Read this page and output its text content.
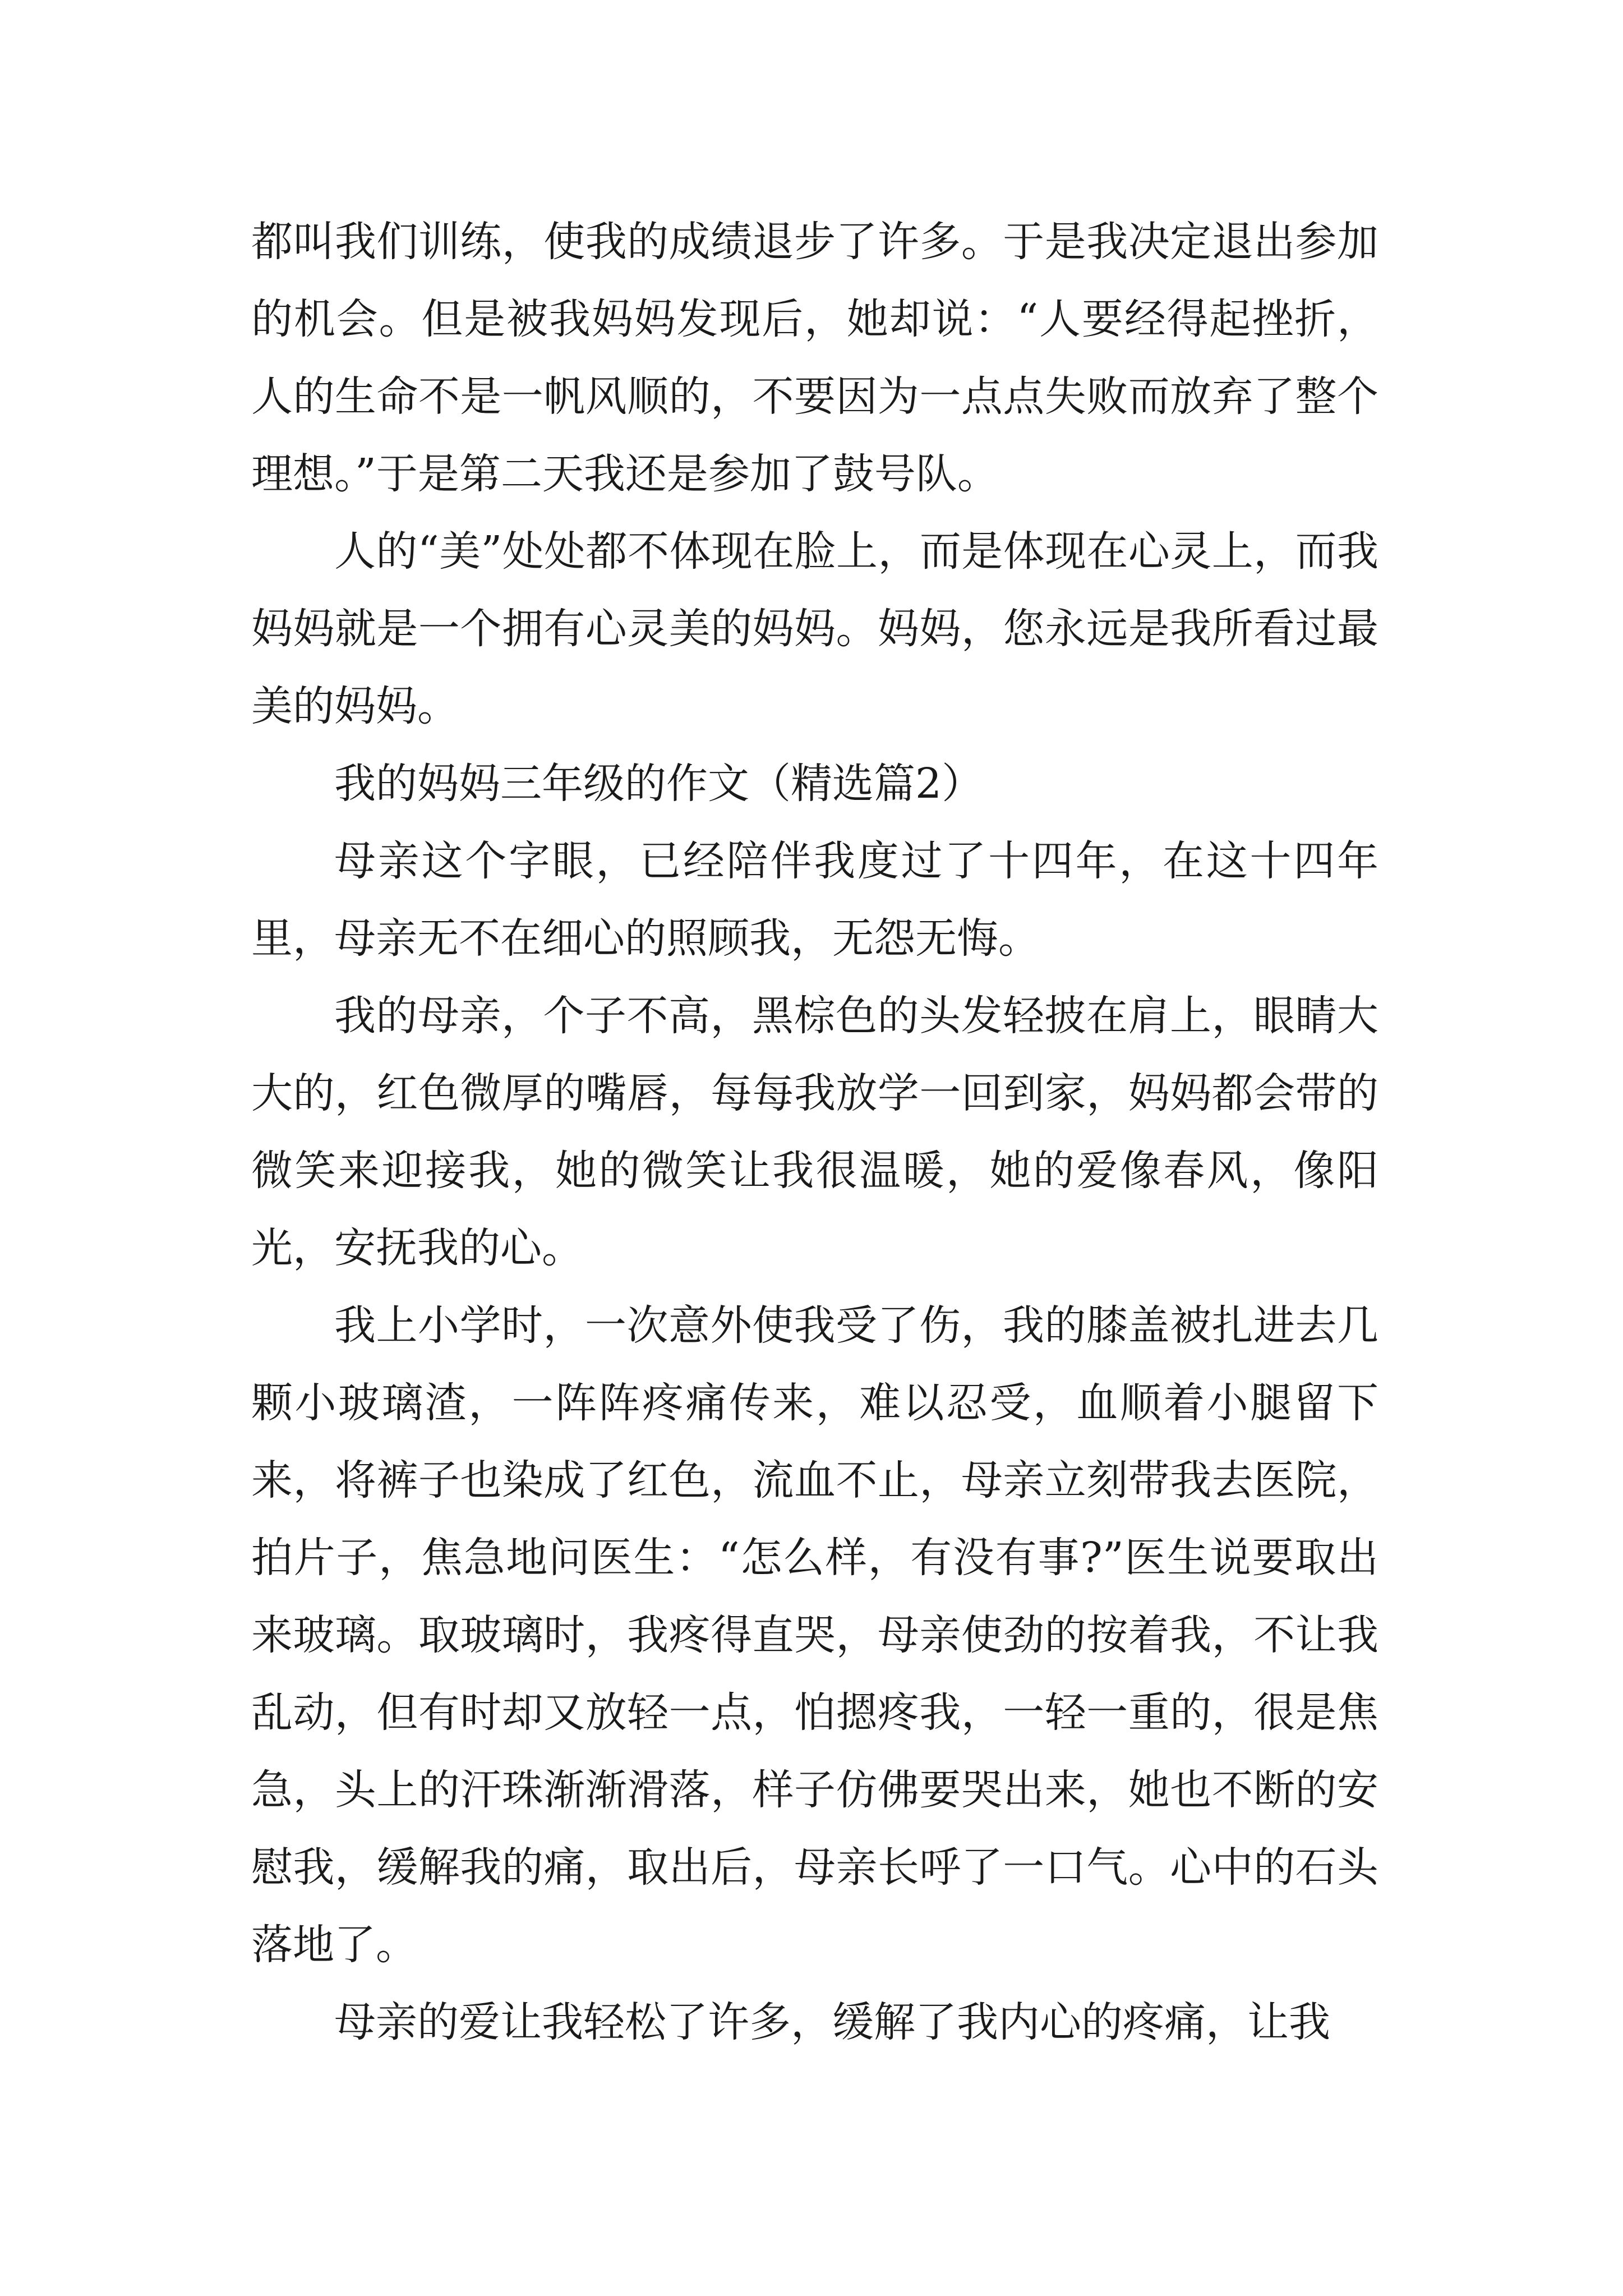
都叫我们训练，使我的成绩退步了许多。于是我决定退出参加的机会。但是被我妈妈发现后，她却说：“人要经得起挫折，人的生命不是一帆风顺的，不要因为一点点失败而放弃了整个理想。”于是第二天我还是参加了鼓号队。

人的“美”处处都不体现在脸上，而是体现在心灵上，而我妈妈就是一个拥有心灵美的妈妈。妈妈，您永远是我所看过最美的妈妈。

我的妈妈三年级的作文（精选篇2）

母亲这个字眼，已经陪伴我度过了十四年，在这十四年里，母亲无不在细心的照顾我，无怨无悔。

我的母亲，个子不高，黑棕色的头发轻披在肩上，眼睛大大的，红色微厚的嘴唇，每每我放学一回到家，妈妈都会带的微笑来迎接我，她的微笑让我很温暖，她的爱像春风，像阳光，安抚我的心。

我上小学时，一次意外使我受了伤，我的膝盖被扎进去几颗小玻璃渣，一阵阵疼痛传来，难以忍受，血顺着小腿留下来，将裤子也染成了红色，流血不止，母亲立刻带我去医院，拍片子，焦急地问医生：“怎么样，有没有事?”医生说要取出来玻璃。取玻璃时，我疼得直哭，母亲使劲的按着我，不让我乱动，但有时却又放轻一点，怕摁疼我，一轻一重的，很是焦急，头上的汗珠渐渐滑落，样子仿佛要哭出来，她也不断的安慰我，缓解我的痛，取出后，母亲长呼了一口气。心中的石头落地了。

母亲的爱让我轻松了许多，缓解了我内心的疼痛，让我
